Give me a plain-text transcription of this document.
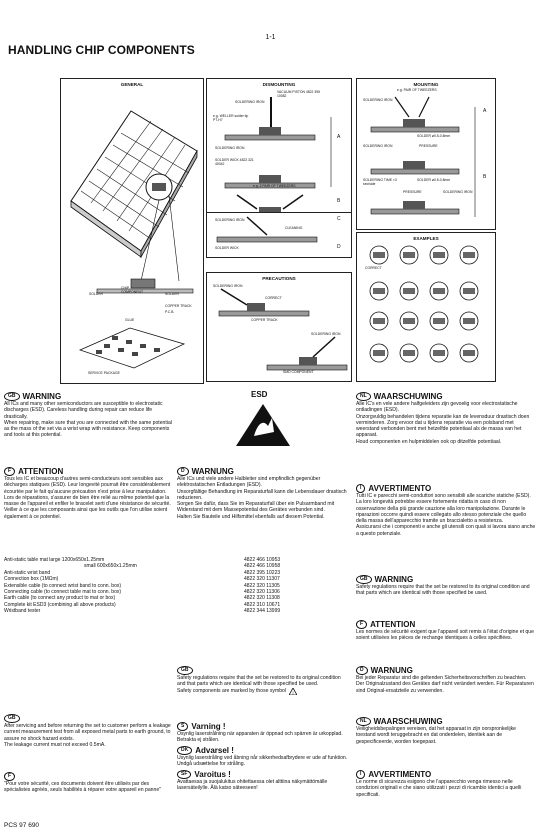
1-1
HANDLING CHIP COMPONENTS
GENERAL
CHIP COMPONENT
SOLDER	SOLDER
COPPER TRACK
P.C.B.
GLUE
DISMOUNTING
VACUUM PISTON 4822 395 10082
SOLDERING IRON
e.g. WELLER solder tip PT-H7
SOLDERING IRON
SOLDER WICK 4822 321 40042
e.g. 2 PAIR OF TWEEZERS
A
B
SOLDERING IRON
CLEANING
SOLDER WICK
C
D
MOUNTING
e.g. PAIR OF TWEEZERS
SOLDERING IRON
SOLDER ø0.5-0.8mm
SOLDERING IRON	PRESSURE
SOLDERING TIME <3 sec/side
SOLDER ø0.5-0.8mm
PRESSURE	SOLDERING IRON
A
B
EXAMPLES
CORRECT
PRECAUTIONS
SOLDERING IRON
CORRECT
COPPER TRACK
SOLDERING IRON
SMD COMPONENT
SERVICE PACKAGE
ESD
GB WARNING
All ICs and many other semiconductors are susceptible to electrostatic discharges (ESD). Careless handling during repair can reduce life drastically.
When repairing, make sure that you are connected with the same potential as the mass of the set via a wrist wrap with resistance. Keep components and tools at this potential.
F ATTENTION
Tous les IC et beaucoup d'autres semi-conducteurs sont sensibles aux décharges statiques (ESD). Leur longevité pourrait être considérablement écourtée par le fait qu'aucune précaution n'est prise à leur manipulation.
Lors de réparations, s'assurer de bien être relié au même potentiel que la masse de l'appareil et enfiler le bracelet serti d'une résistance de sécurité.
Veiller à ce que les composants ainsi que les outils que l'on utilise soient également à ce potentiel.
D WARNUNG
Alle ICs und viele andere Halbleiter sind empfindlich gegenüber elektrostatischen Entladungen (ESD).
Unsorgfältige Behandlung im Reparaturfall kann die Lebensdauer drastisch reduzieren.
Sorgen Sie dafür, dass Sie im Reparaturfall über ein Pulsarmband mit Widerstand mit dem Massepotential des Gerätes verbunden sind.
Halten Sie Bauteile und Hilfsmittel ebenfalls auf diesem Potential.
NL WAARSCHUWING
Alle IC's en vele andere halfgeleiders zijn gevoelig voor electrostatische ontladingen (ESD).
Onzorgvuldig behandelen tijdens reparatie kan de levensduur drastisch doen verminderen. Zorg ervoor dat u tijdens reparatie via een polsband met weerstand verbonden bent met hetzelfde potentiaal als de massa van het apparaat.
Houd componenten en hulpmiddelen ook op ditzelfde potentiaal.
I AVVERTIMENTO
Tutti IC e parecchi semi-conduttori sono sensibili alle scariche statiche (ESD).
La loro longevità potrebbe essere fortemente ridatta in caso di non osservazione della più grande cauzione alla loro manipolazione. Durante le riparazioni occorre quindi essere collegato allo stesso potenziale che quello della massa dell'apparecchio tramite un braccialetto a resistenza.
Assicurarsi che i componenti e anche gli utensili con quali si lavora siano anche a questo potenziale.
Anti-static table mat large 1200x650x1.25mm	4822 466 10953
small 600x650x1.25mm	4822 466 10958
Anti-static wrist band	4822 395 10223
Connection box (1MΩm)	4822 320 11307
Extensible cable (to connect wrist band to conn. box)	4822 320 11305
Connecting cable (to connect table mat to conn. box)	4822 320 11306
Earth cable (to connect any product to mat or box)	4822 320 11308
Complete kit ESD3 (combining all above products)	4822 310 10671
Wristband tester	4822 344 13999
GB WARNING
Safety regulations require that the set be restored to its original condition and that parts which are identical with those specified be used.
F ATTENTION
Les normes de sécurité exigent que l'appareil soit remis à l'état d'origine et que soient utilisées les pièces de rechange identiques à celles spécifiées.
D WARNUNG
Bei jeder Reparatur sind die geltenden Sicherheitsvorschriften zu beachten. Der Originalzustand des Gerätes darf nicht verändert werden. Für Reparaturen sind Original-ersatzteile zu verwenden.
NL WAARSCHUWING
Veiligheidsbepalingen vereisen, dat het apparaat in zijn oorspronkelijke toestand wordt teruggebracht en dat onderdelen, identiek aan de gespecificeerde, worden toegepast.
I AVVERTIMENTO
Le norme di sicurezza esigono che l'apparecchio venga rimesso nelle condizioni originali e che siano utilizzati i pezzi di ricambio identici a quelli specificati.
GB
Safety regulations require that the set be restored to its original condition and that parts which are identical with those specified be used.
Safety components are marked by those symbol !
S Varning !
Osynlig laserstrålning när apparaten är öppnad och spärren är urkopplad. Betrakta ej strålen.
DK Advarsel !
Usynlig laserstråling ved åbning når sikkerhedsafbrydere er ude af funktion. Undgå udsættelse for stråling.
SF Varoitus !
Avattaessa ja suojalukitus ohitettaessa olet alttiina näkymättömälle lasersäteilylle. Älä katso säteeseen!
GB
After servicing and before returning the set to customer perform a leakage current measurement test from all exposed metal parts to earth ground, to assure no shock hazard exists.
The leakage current must not exceed 0.5mA.
F
"Pour votre sécurité, ces documents doivent être utilisés par des spécialistes agréés, seuls habilités à réparer votre appareil en panne"
PCS 97 690
